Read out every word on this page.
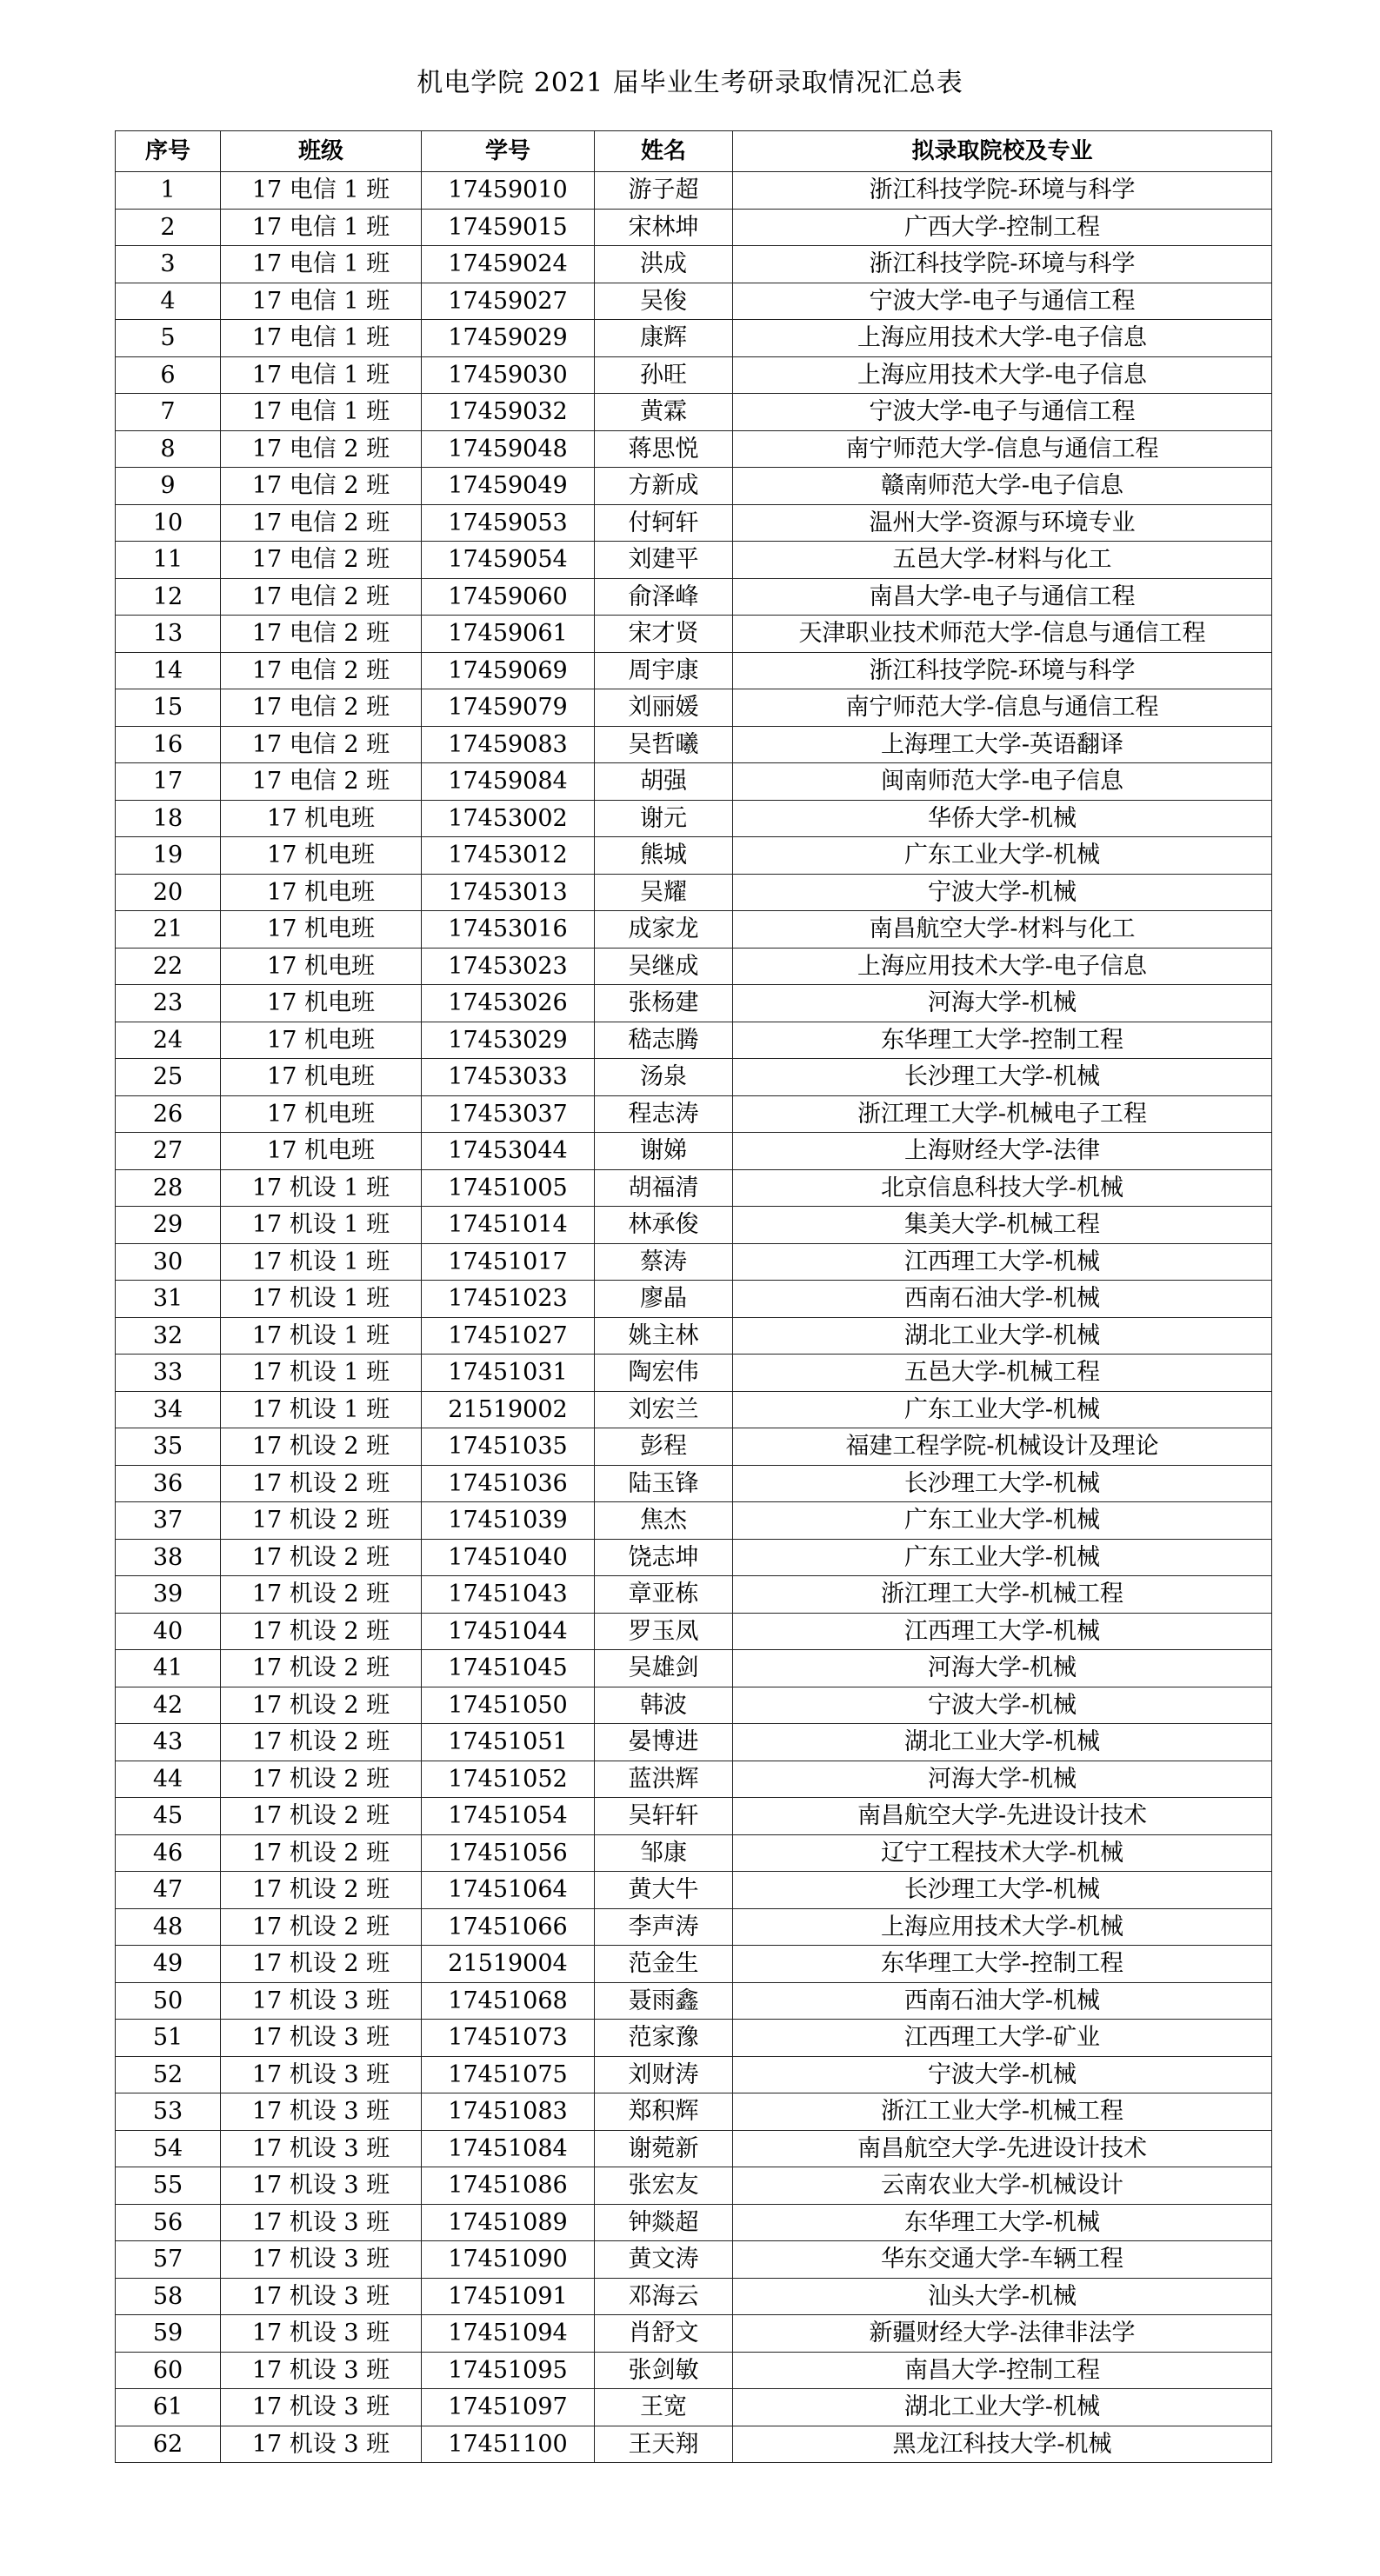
机电学院 2021 届毕业生考研录取情况汇总表
序号	班级	学号	姓名	拟录取院校及专业
1	17 电信 1 班	17459010	游子超	浙江科技学院-环境与科学
2	17 电信 1 班	17459015	宋林坤	广西大学-控制工程
3	17 电信 1 班	17459024	洪成	浙江科技学院-环境与科学
4	17 电信 1 班	17459027	吴俊	宁波大学-电子与通信工程
5	17 电信 1 班	17459029	康辉	上海应用技术大学-电子信息
6	17 电信 1 班	17459030	孙旺	上海应用技术大学-电子信息
7	17 电信 1 班	17459032	黄霖	宁波大学-电子与通信工程
8	17 电信 2 班	17459048	蒋思悦	南宁师范大学-信息与通信工程
9	17 电信 2 班	17459049	方新成	赣南师范大学-电子信息
10	17 电信 2 班	17459053	付轲轩	温州大学-资源与环境专业
11	17 电信 2 班	17459054	刘建平	五邑大学-材料与化工
12	17 电信 2 班	17459060	俞泽峰	南昌大学-电子与通信工程
13	17 电信 2 班	17459061	宋才贤	天津职业技术师范大学-信息与通信工程
14	17 电信 2 班	17459069	周宇康	浙江科技学院-环境与科学
15	17 电信 2 班	17459079	刘丽媛	南宁师范大学-信息与通信工程
16	17 电信 2 班	17459083	吴哲曦	上海理工大学-英语翻译
17	17 电信 2 班	17459084	胡强	闽南师范大学-电子信息
18	17 机电班	17453002	谢元	华侨大学-机械
19	17 机电班	17453012	熊城	广东工业大学-机械
20	17 机电班	17453013	吴耀	宁波大学-机械
21	17 机电班	17453016	成家龙	南昌航空大学-材料与化工
22	17 机电班	17453023	吴继成	上海应用技术大学-电子信息
23	17 机电班	17453026	张杨建	河海大学-机械
24	17 机电班	17453029	嵇志腾	东华理工大学-控制工程
25	17 机电班	17453033	汤泉	长沙理工大学-机械
26	17 机电班	17453037	程志涛	浙江理工大学-机械电子工程
27	17 机电班	17453044	谢娣	上海财经大学-法律
28	17 机设 1 班	17451005	胡福清	北京信息科技大学-机械
29	17 机设 1 班	17451014	林承俊	集美大学-机械工程
30	17 机设 1 班	17451017	蔡涛	江西理工大学-机械
31	17 机设 1 班	17451023	廖晶	西南石油大学-机械
32	17 机设 1 班	17451027	姚主林	湖北工业大学-机械
33	17 机设 1 班	17451031	陶宏伟	五邑大学-机械工程
34	17 机设 1 班	21519002	刘宏兰	广东工业大学-机械
35	17 机设 2 班	17451035	彭程	福建工程学院-机械设计及理论
36	17 机设 2 班	17451036	陆玉锋	长沙理工大学-机械
37	17 机设 2 班	17451039	焦杰	广东工业大学-机械
38	17 机设 2 班	17451040	饶志坤	广东工业大学-机械
39	17 机设 2 班	17451043	章亚栋	浙江理工大学-机械工程
40	17 机设 2 班	17451044	罗玉凤	江西理工大学-机械
41	17 机设 2 班	17451045	吴雄剑	河海大学-机械
42	17 机设 2 班	17451050	韩波	宁波大学-机械
43	17 机设 2 班	17451051	晏博进	湖北工业大学-机械
44	17 机设 2 班	17451052	蓝洪辉	河海大学-机械
45	17 机设 2 班	17451054	吴轩轩	南昌航空大学-先进设计技术
46	17 机设 2 班	17451056	邹康	辽宁工程技术大学-机械
47	17 机设 2 班	17451064	黄大牛	长沙理工大学-机械
48	17 机设 2 班	17451066	李声涛	上海应用技术大学-机械
49	17 机设 2 班	21519004	范金生	东华理工大学-控制工程
50	17 机设 3 班	17451068	聂雨鑫	西南石油大学-机械
51	17 机设 3 班	17451073	范家豫	江西理工大学-矿业
52	17 机设 3 班	17451075	刘财涛	宁波大学-机械
53	17 机设 3 班	17451083	郑积辉	浙江工业大学-机械工程
54	17 机设 3 班	17451084	谢菀新	南昌航空大学-先进设计技术
55	17 机设 3 班	17451086	张宏友	云南农业大学-机械设计
56	17 机设 3 班	17451089	钟燚超	东华理工大学-机械
57	17 机设 3 班	17451090	黄文涛	华东交通大学-车辆工程
58	17 机设 3 班	17451091	邓海云	汕头大学-机械
59	17 机设 3 班	17451094	肖舒文	新疆财经大学-法律非法学
60	17 机设 3 班	17451095	张剑敏	南昌大学-控制工程
61	17 机设 3 班	17451097	王宽	湖北工业大学-机械
62	17 机设 3 班	17451100	王天翔	黑龙江科技大学-机械
